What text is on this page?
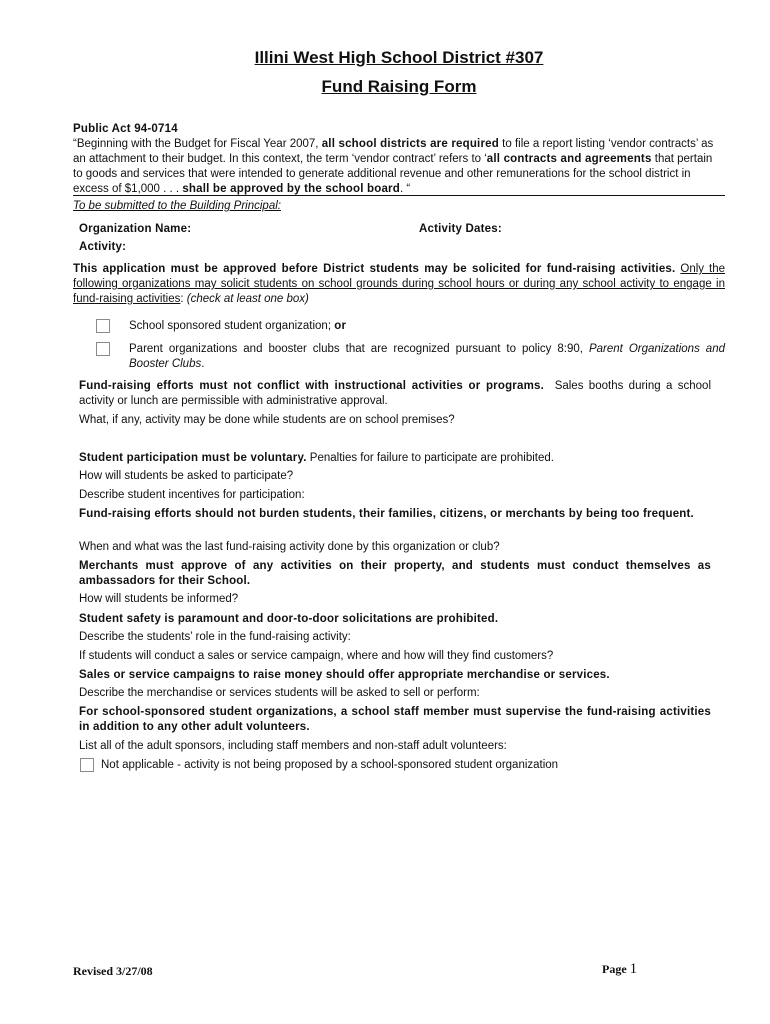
Illini West High School District #307
Fund Raising Form
Public Act 94-0714
“Beginning with the Budget for Fiscal Year 2007, all school districts are required to file a report listing ‘vendor contracts’ as an attachment to their budget. In this context, the term ‘vendor contract’ refers to ‘all contracts and agreements that pertain to goods and services that were intended to generate additional revenue and other remunerations for the school district in excess of $1,000 . . . shall be approved by the school board. “
To be submitted to the Building Principal:
Organization Name:	Activity Dates:
Activity:
This application must be approved before District students may be solicited for fund-raising activities. Only the following organizations may solicit students on school grounds during school hours or during any school activity to engage in fund-raising activities: (check at least one box)
School sponsored student organization; or
Parent organizations and booster clubs that are recognized pursuant to policy 8:90, Parent Organizations and Booster Clubs.
Fund-raising efforts must not conflict with instructional activities or programs. Sales booths during a school activity or lunch are permissible with administrative approval.
What, if any, activity may be done while students are on school premises?
Student participation must be voluntary. Penalties for failure to participate are prohibited.
How will students be asked to participate?
Describe student incentives for participation:
Fund-raising efforts should not burden students, their families, citizens, or merchants by being too frequent.
When and what was the last fund-raising activity done by this organization or club?
Merchants must approve of any activities on their property, and students must conduct themselves as ambassadors for their School.
How will students be informed?
Student safety is paramount and door-to-door solicitations are prohibited.
Describe the students’ role in the fund-raising activity:
If students will conduct a sales or service campaign, where and how will they find customers?
Sales or service campaigns to raise money should offer appropriate merchandise or services.
Describe the merchandise or services students will be asked to sell or perform:
For school-sponsored student organizations, a school staff member must supervise the fund-raising activities in addition to any other adult volunteers.
List all of the adult sponsors, including staff members and non-staff adult volunteers:
Not applicable - activity is not being proposed by a school-sponsored student organization
Revised 3/27/08	Page 1
